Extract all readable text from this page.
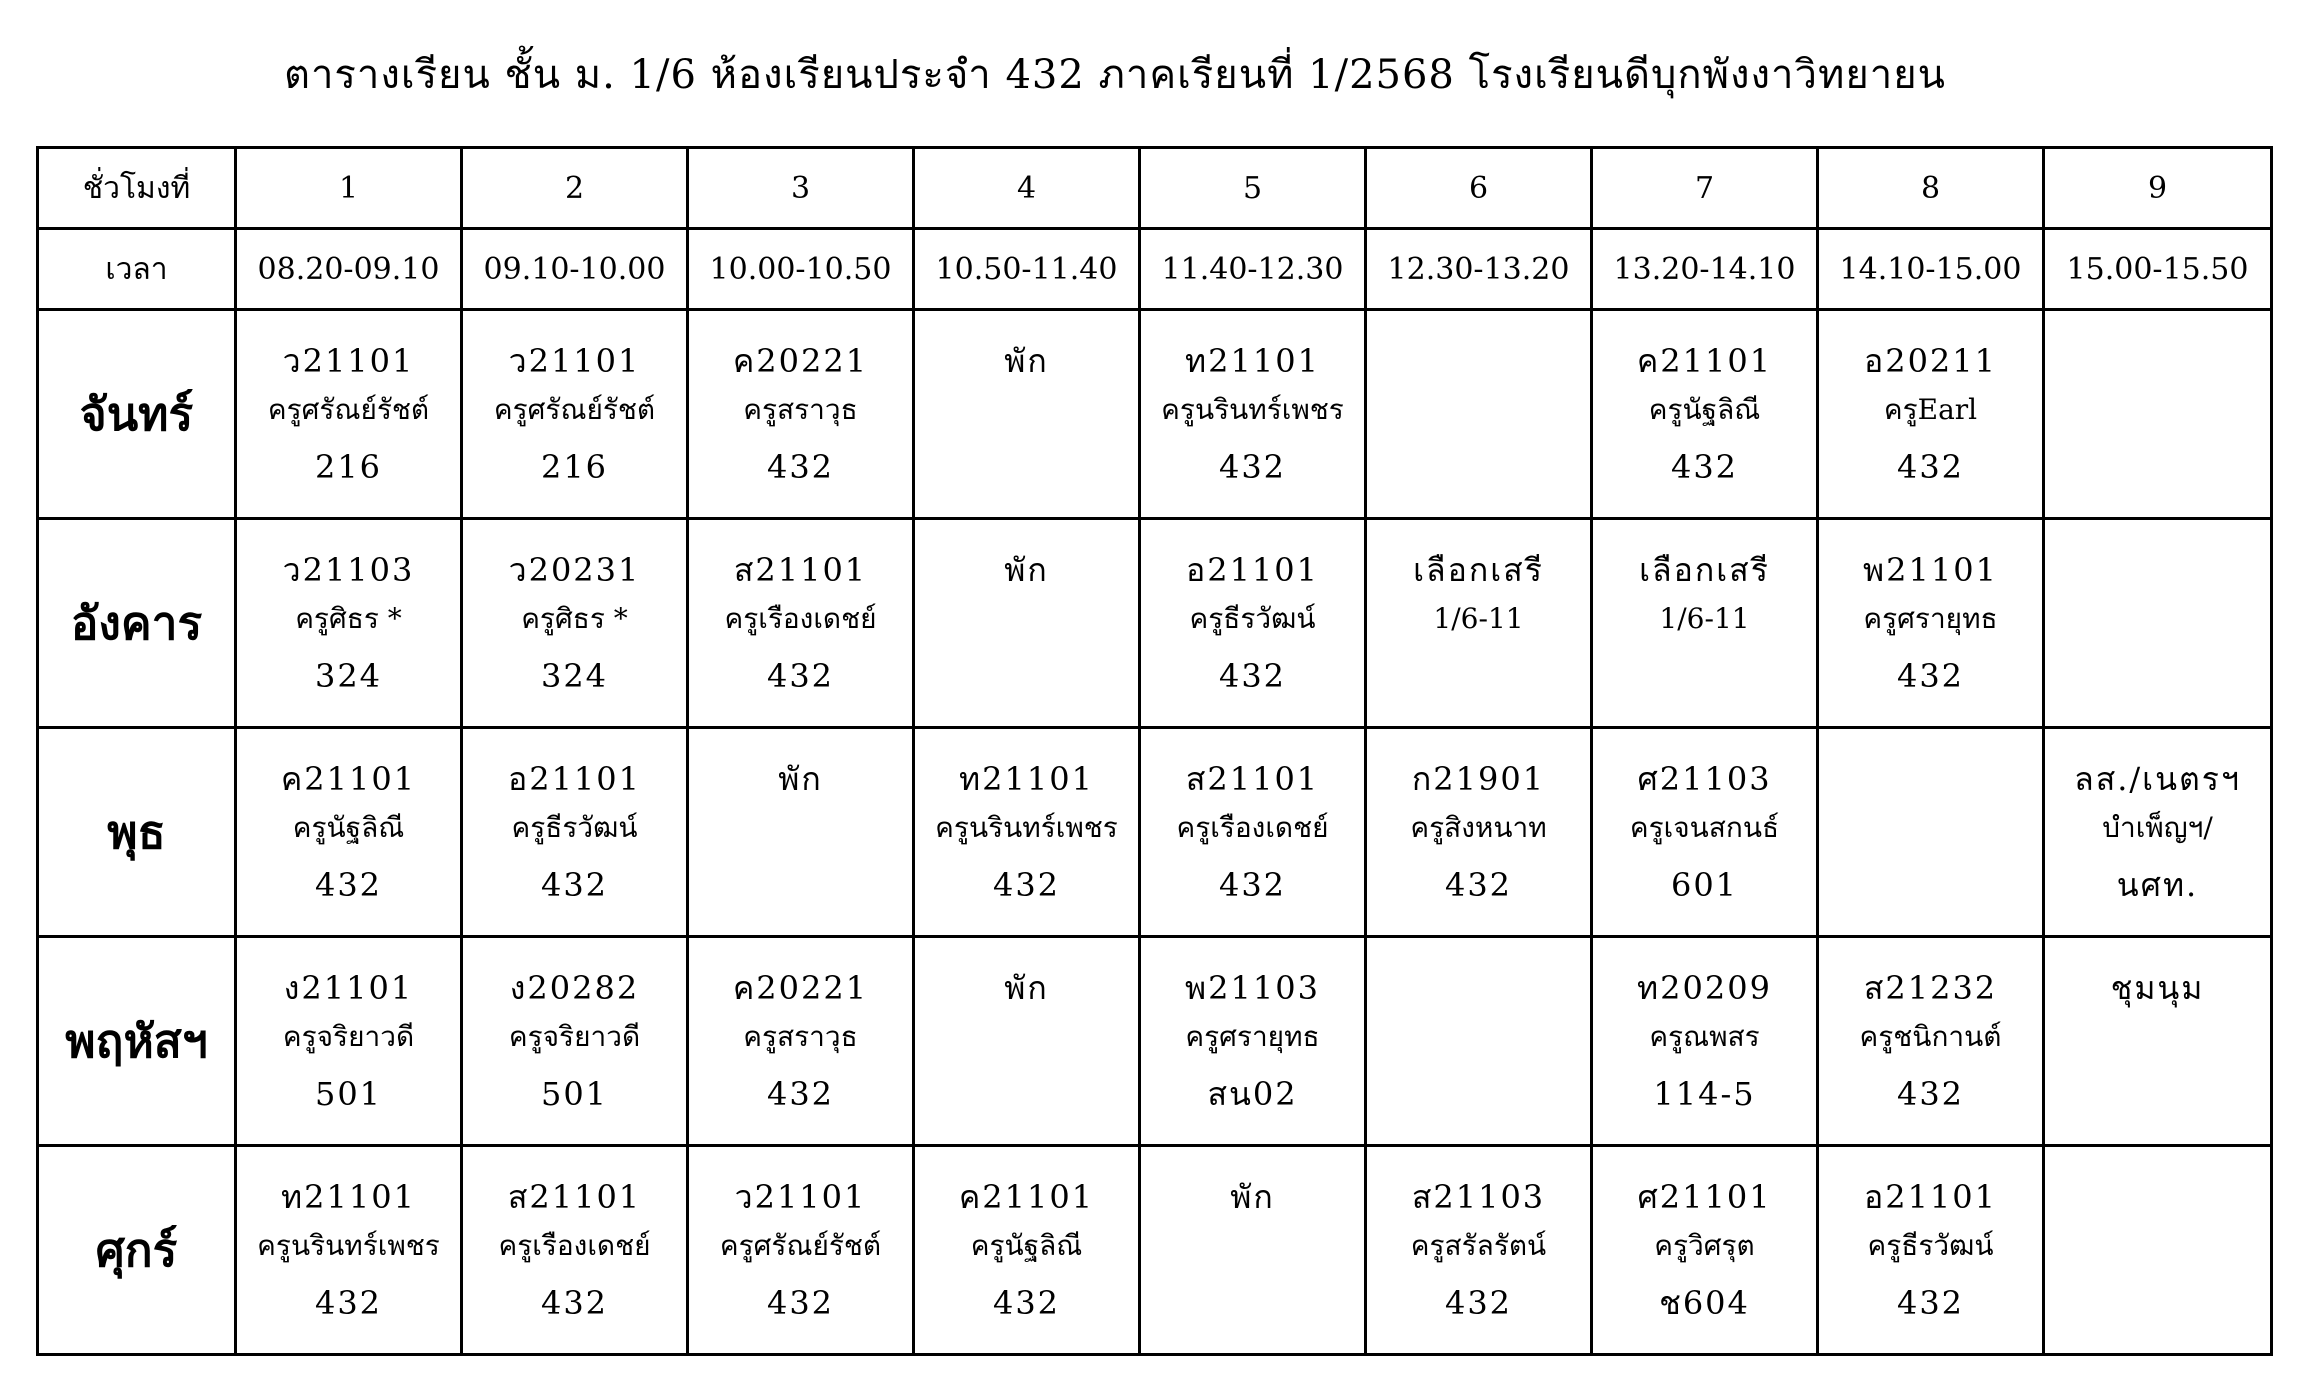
ตารางเรียน ชั้น ม. 1/6 ห้องเรียนประจำ 432 ภาคเรียนที่ 1/2568 โรงเรียนดีบุกพังงาวิทยายน
ชั่วโมงที่	1	2	3	4	5	6	7	8	9
เวลา	08.20-09.10	09.10-10.00	10.00-10.50	10.50-11.40	11.40-12.30	12.30-13.20	13.20-14.10	14.10-15.00	15.00-15.50
จันทร์	ว21101
ครูศรัณย์รัชต์
216	ว21101
ครูศรัณย์รัชต์
216	ค20221
ครูสราวุธ
432	พัก	ท21101
ครูนรินทร์เพชร
432		ค21101
ครูนัฐลิณี
432	อ20211
ครูEarl
432	

อังคาร	ว21103
ครูศิธร *
324	ว20231
ครูศิธร *
324	ส21101
ครูเรืองเดชย์
432	พัก	อ21101
ครูธีรวัฒน์
432	เลือกเสรี
1/6-11	เลือกเสรี
1/6-11	พ21101
ครูศรายุทธ
432	

พุธ	ค21101
ครูนัฐลิณี
432	อ21101
ครูธีรวัฒน์
432	พัก	ท21101
ครูนรินทร์เพชร
432	ส21101
ครูเรืองเดชย์
432	ก21901
ครูสิงหนาท
432	ศ21103
ครูเจนสกนธ์
601		ลส./เนตรฯ
บำเพ็ญฯ/
นศท.

พฤหัสฯ	ง21101
ครูจริยาวดี
501	ง20282
ครูจริยาวดี
501	ค20221
ครูสราวุธ
432	พัก	พ21103
ครูศรายุทธ
สน02		ท20209
ครูณพสร
114-5	ส21232
ครูชนิกานต์
432	ชุมนุม

ศุกร์	ท21101
ครูนรินทร์เพชร
432	ส21101
ครูเรืองเดชย์
432	ว21101
ครูศรัณย์รัชต์
432	ค21101
ครูนัฐลิณี
432	พัก	ส21103
ครูสรัลรัตน์
432	ศ21101
ครูวิศรุต
ช604	อ21101
ครูธีรวัฒน์
432	
